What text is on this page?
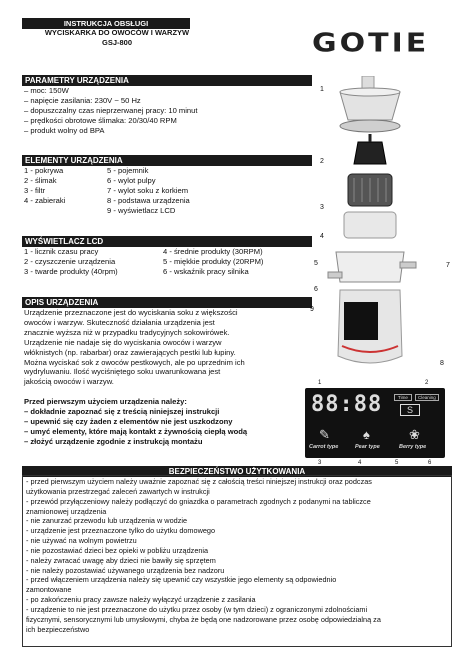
INSTRUKCJA OBSŁUGI
WYCISKARKA DO OWOCÓW I WARZYW
GSJ-800	GOTIE
PARAMETRY URZĄDZENIA
– moc: 150W
– napięcie zasilania: 230V ~ 50 Hz
– dopuszczalny czas nieprzerwanej pracy: 10 minut
– prędkości obrotowe ślimaka: 20/30/40 RPM
– produkt wolny od BPA
ELEMENTY URZĄDZENIA
1 - pokrywa
2 - ślimak
3 - filtr
4 - zabieraki
5 - pojemnik
6 - wylot pulpy
7 - wylot soku z korkiem
8 - podstawa urządzenia
9 - wyświetlacz LCD
WYŚWIETLACZ LCD
1 - licznik czasu pracy
2 - czyszczenie urządzenia
3 - twarde produkty (40rpm)
4 - średnie produkty (30RPM)
5 - miękkie produkty (20RPM)
6 - wskaźnik pracy silnika
OPIS URZĄDZENIA
Urządzenie przeznaczone jest do wyciskania soku z większości
owoców i warzyw. Skuteczność działania urządzenia jest
znacznie wyższa niż w przypadku tradycyjnych sokowirówek.
Urządzenie nie nadaje się do wyciskania owoców i warzyw
włóknistych (np. rabarbar) oraz zawierających pestki lub łupiny.
Można wyciskać sok z owoców pestkowych, ale po uprzednim ich
wydryluwaniu. Ilość wyciśniętego soku uwarunkowana jest
jakością owoców i warzyw.
Przed pierwszym użyciem urządzenia należy:
– dokładnie zapoznać się z treścią niniejszej instrukcji
– upewnić się czy żaden z elementów nie jest uszkodzony
– umyć elementy, które mają kontakt z żywnością ciepłą wodą
– złożyć urządzenie zgodnie z instrukcją montażu
1
2
3
4
5
6
7
8
9
1	2
88:88	Time	Cleaning
S
✎	♠	❀
Carrot type	Pear type	Berry type
3	4	5	6
BEZPIECZEŃSTWO UŻYTKOWANIA
- przed pierwszym użyciem należy uważnie zapoznać się z całością treści niniejszej instrukcji oraz podczas
użytkowania przestrzegać zaleceń zawartych w instrukcji
- przewód przyłączeniowy należy podłączyć do gniazdka o parametrach zgodnych z podanymi na tabliczce
znamionowej urządzenia
- nie zanurzać przewodu lub urządzenia w wodzie
- urządzenie jest przeznaczone tylko do użytku domowego
- nie używać na wolnym powietrzu
- nie pozostawiać dzieci bez opieki w pobliżu urządzenia
- należy zwracać uwagę aby dzieci nie bawiły się sprzętem
- nie należy pozostawiać używanego urządzenia bez nadzoru
- przed włączeniem urządzenia należy się upewnić czy wszystkie jego elementy są odpowiednio
zamontowane
- po zakończeniu pracy zawsze należy wyłączyć urządzenie z zasilania
- urządzenie to nie jest przeznaczone do użytku przez osoby (w tym dzieci) z ograniczonymi zdolnościami
fizycznymi, sensorycznymi lub umysłowymi, chyba że będą one nadzorowane przez osobę odpowiedzialną za
ich bezpieczeństwo
